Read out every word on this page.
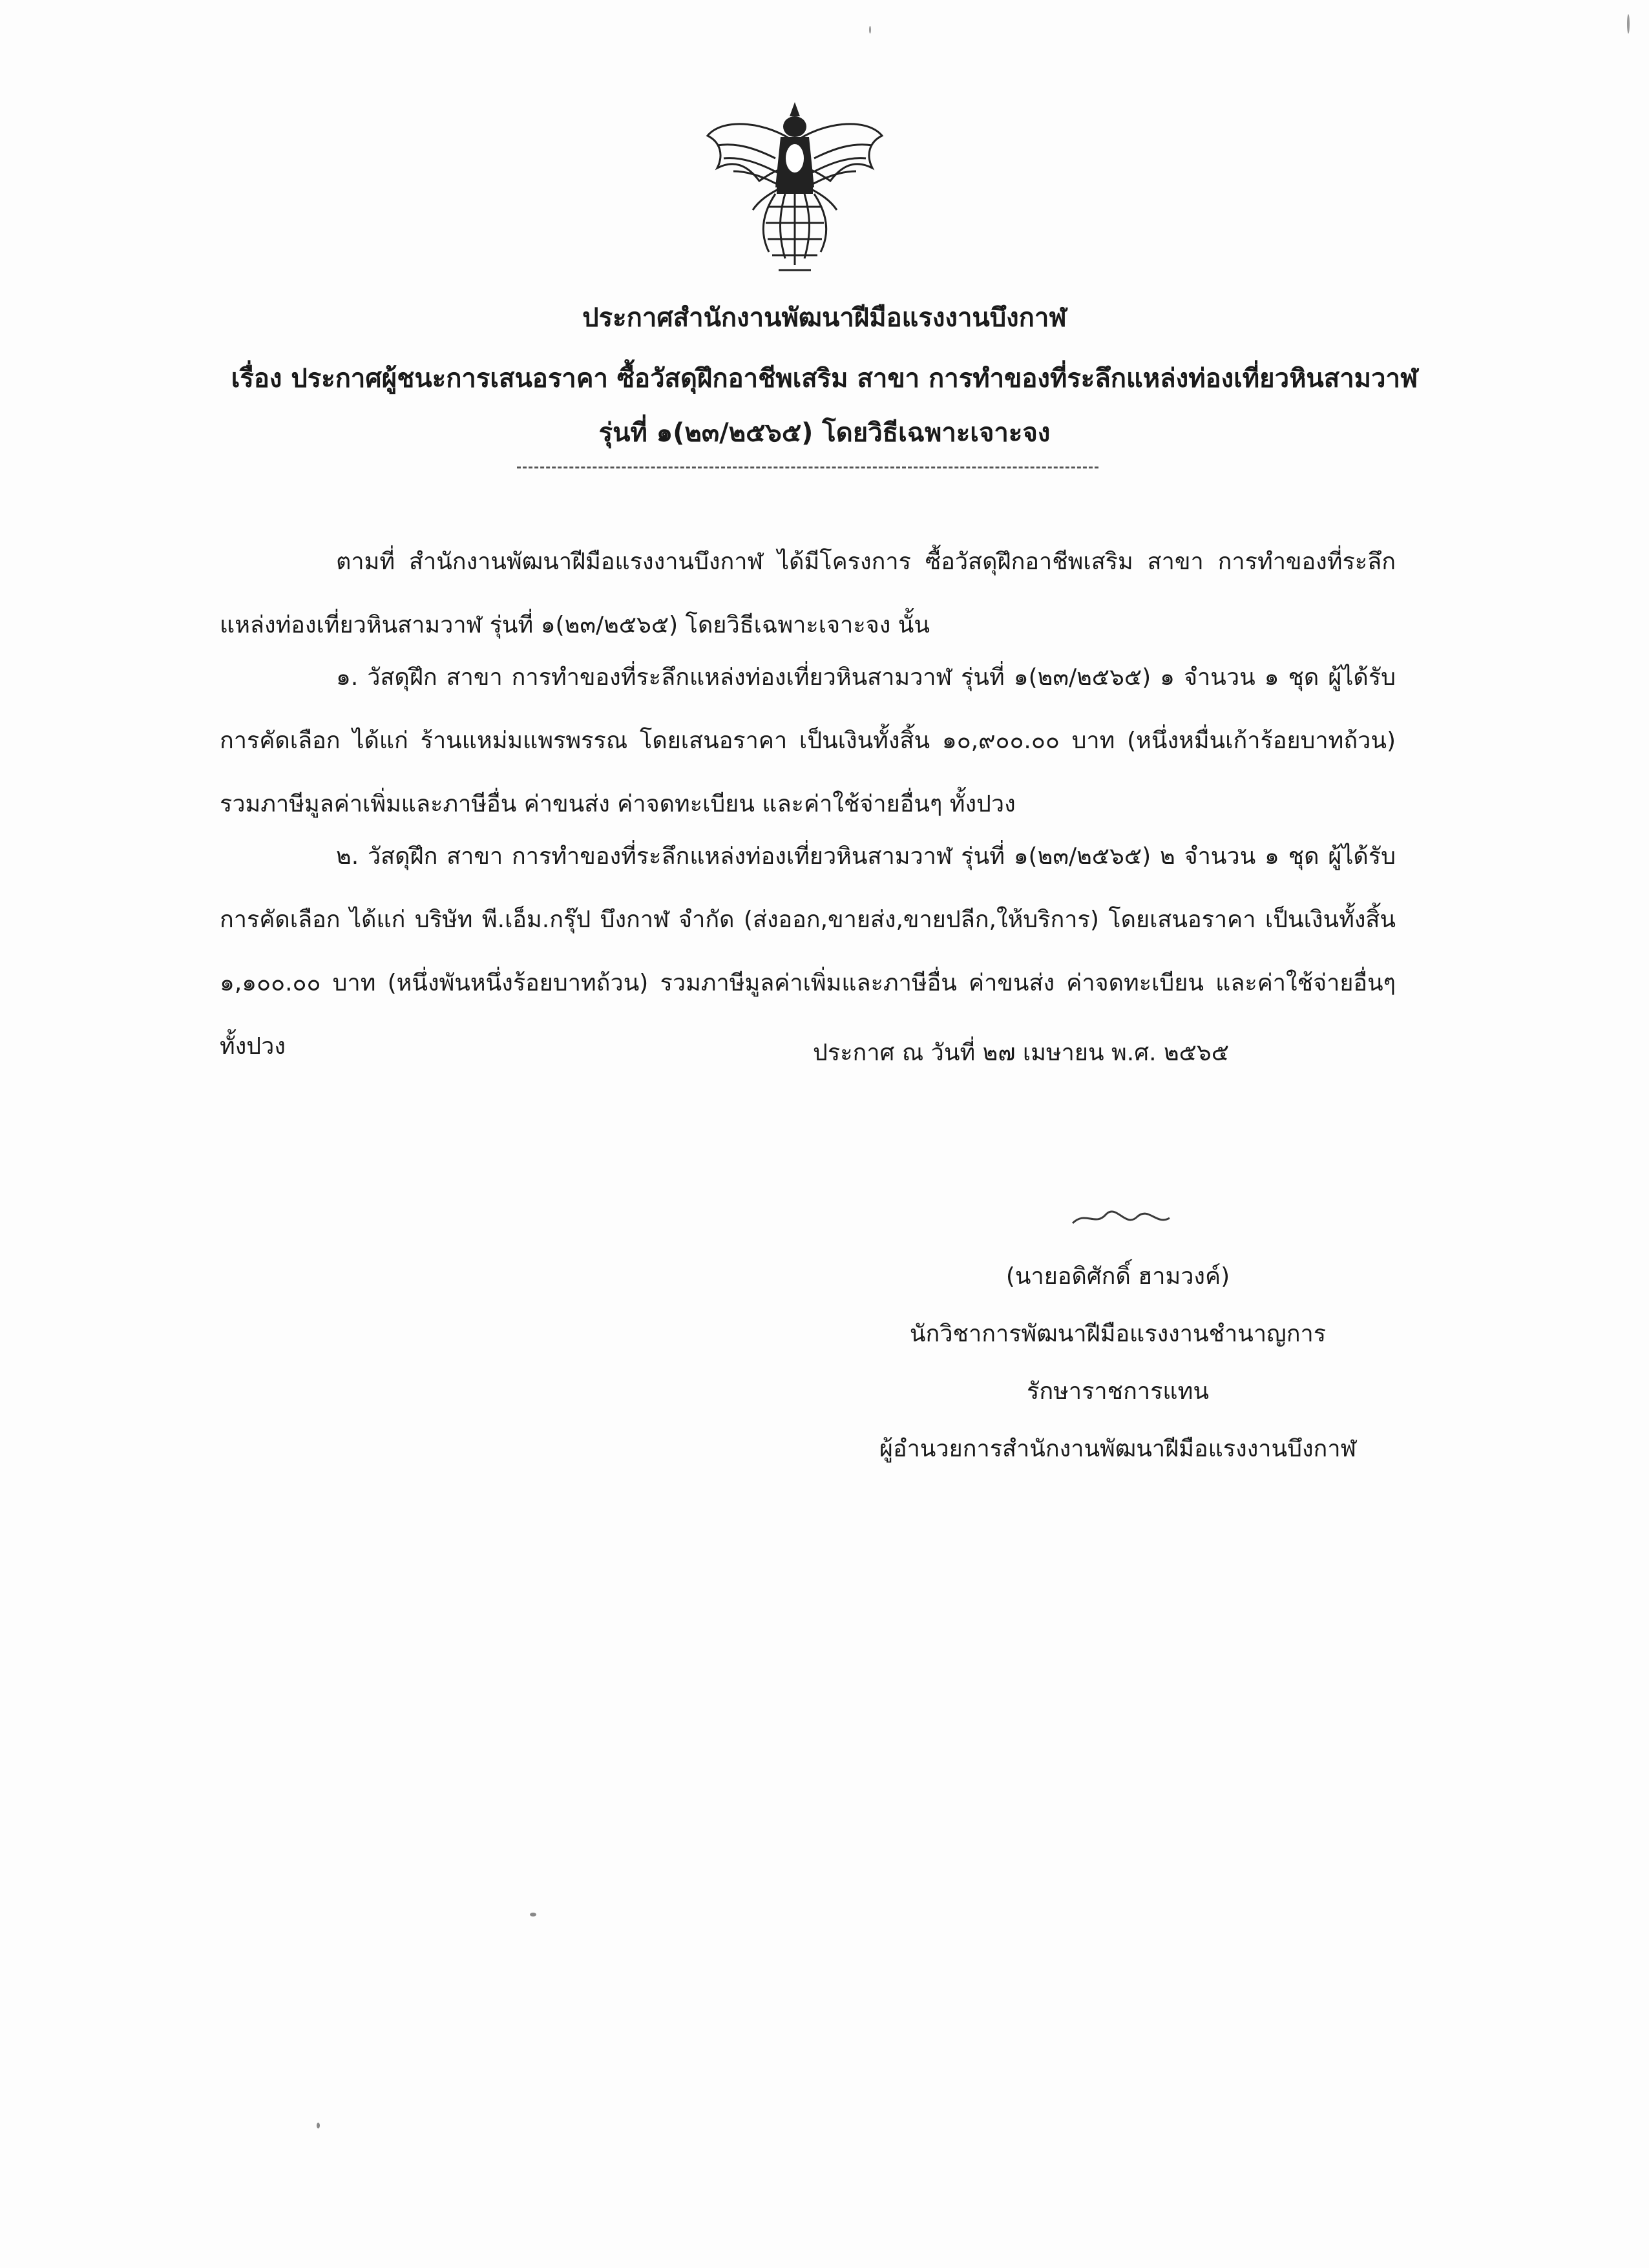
ประกาศสำนักงานพัฒนาฝีมือแรงงานบึงกาฬ
เรื่อง ประกาศผู้ชนะการเสนอราคา ซื้อวัสดุฝึกอาชีพเสริม สาขา การทำของที่ระลึกแหล่งท่องเที่ยวหินสามวาฬ
รุ่นที่ ๑(๒๓/๒๕๖๕) โดยวิธีเฉพาะเจาะจง

ตามที่ สำนักงานพัฒนาฝีมือแรงงานบึงกาฬ ได้มีโครงการ ซื้อวัสดุฝึกอาชีพเสริม สาขา การทำของที่ระลึกแหล่งท่องเที่ยวหินสามวาฬ รุ่นที่ ๑(๒๓/๒๕๖๕) โดยวิธีเฉพาะเจาะจง นั้น

๑. วัสดุฝึก สาขา การทำของที่ระลึกแหล่งท่องเที่ยวหินสามวาฬ รุ่นที่ ๑(๒๓/๒๕๖๕) ๑ จำนวน ๑ ชุด ผู้ได้รับการคัดเลือก ได้แก่ ร้านแหม่มแพรพรรณ โดยเสนอราคา เป็นเงินทั้งสิ้น ๑๐,๙๐๐.๐๐ บาท (หนึ่งหมื่นเก้าร้อยบาทถ้วน) รวมภาษีมูลค่าเพิ่มและภาษีอื่น ค่าขนส่ง ค่าจดทะเบียน และค่าใช้จ่ายอื่นๆ ทั้งปวง

๒. วัสดุฝึก สาขา การทำของที่ระลึกแหล่งท่องเที่ยวหินสามวาฬ รุ่นที่ ๑(๒๓/๒๕๖๕) ๒ จำนวน ๑ ชุด ผู้ได้รับการคัดเลือก ได้แก่ บริษัท พี.เอ็ม.กรุ๊ป บึงกาฬ จำกัด (ส่งออก,ขายส่ง,ขายปลีก,ให้บริการ) โดยเสนอราคา เป็นเงินทั้งสิ้น ๑,๑๐๐.๐๐ บาท (หนึ่งพันหนึ่งร้อยบาทถ้วน) รวมภาษีมูลค่าเพิ่มและภาษีอื่น ค่าขนส่ง ค่าจดทะเบียน และค่าใช้จ่ายอื่นๆ ทั้งปวง	ประกาศ ณ วันที่ ๒๗ เมษายน พ.ศ. ๒๕๖๕
(นายอดิศักดิ์ ฮามวงค์)
นักวิชาการพัฒนาฝีมือแรงงานชำนาญการ
รักษาราชการแทน
ผู้อำนวยการสำนักงานพัฒนาฝีมือแรงงานบึงกาฬ
